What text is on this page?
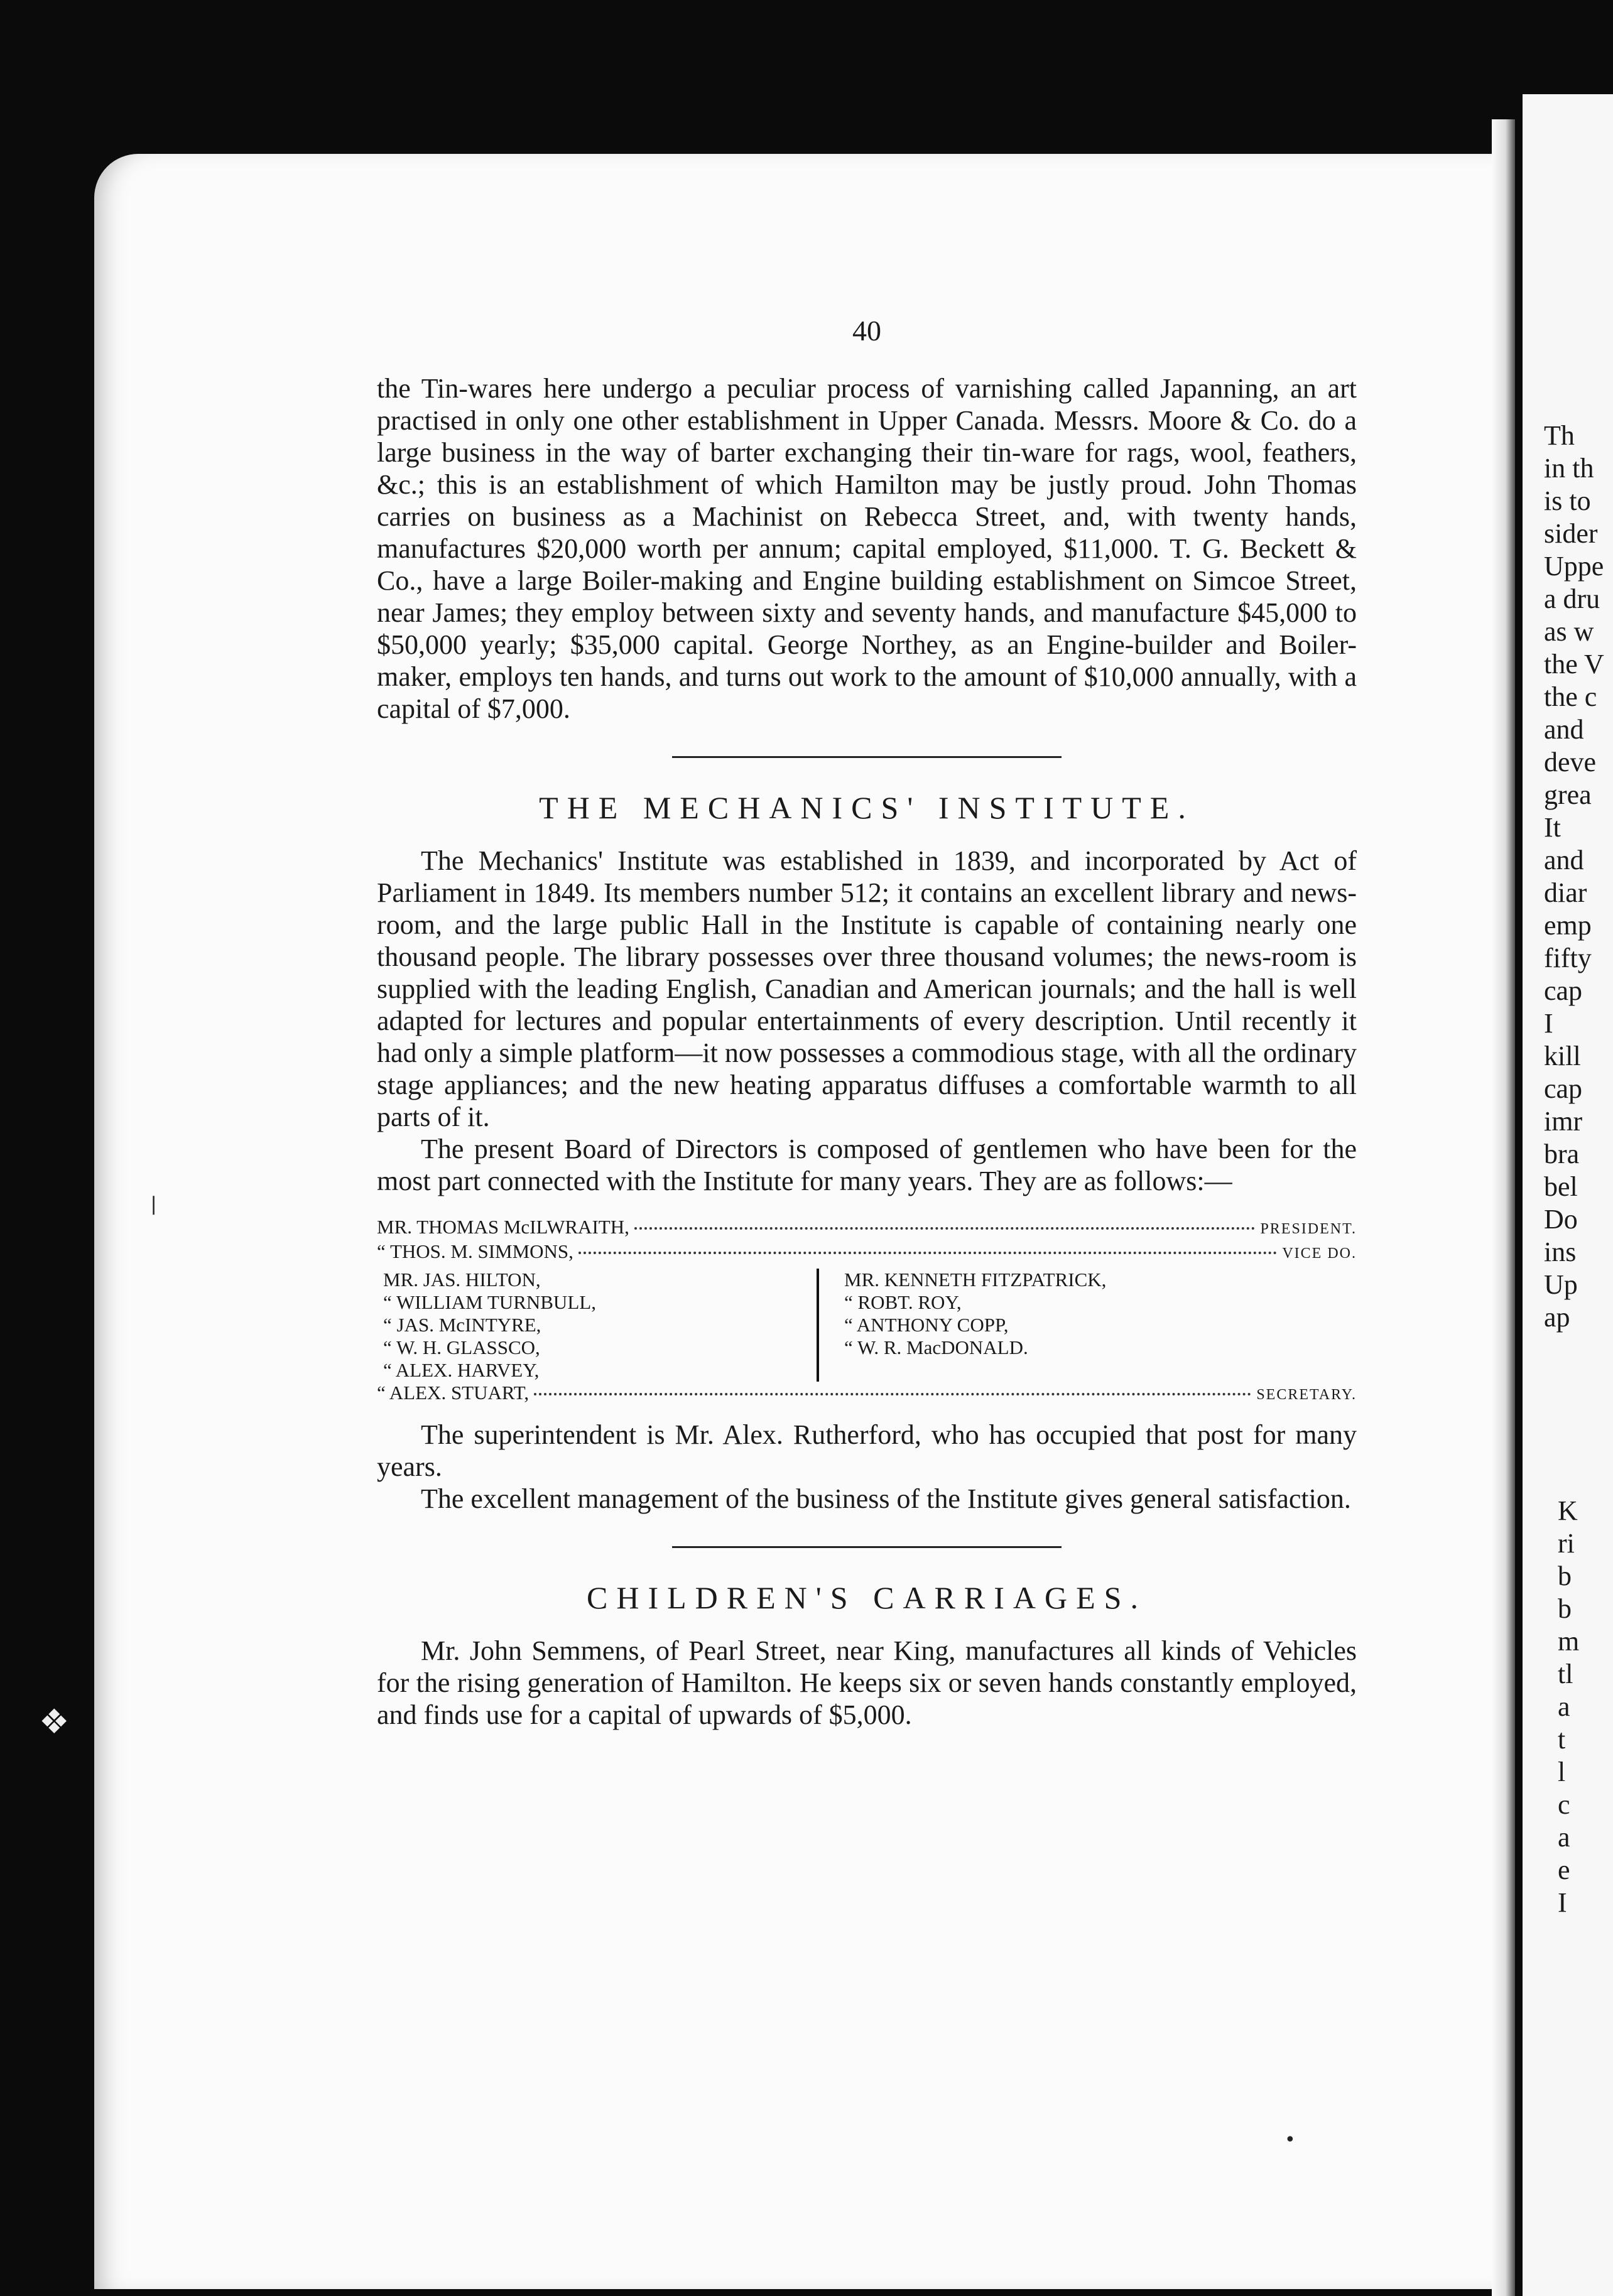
40

the Tin-wares here undergo a peculiar process of varnishing called Japanning, an art practised in only one other establishment in Upper Canada. Messrs. Moore & Co. do a large business in the way of barter exchanging their tin-ware for rags, wool, feathers, &c.; this is an establishment of which Hamilton may be justly proud. John Thomas carries on business as a Machinist on Rebecca Street, and, with twenty hands, manufactures $20,000 worth per annum; capital employed, $11,000. T. G. Beckett & Co., have a large Boiler-making and Engine building establishment on Simcoe Street, near James; they employ between sixty and seventy hands, and manufacture $45,000 to $50,000 yearly; $35,000 capital. George Northey, as an Engine-builder and Boiler-maker, employs ten hands, and turns out work to the amount of $10,000 annually, with a capital of $7,000.

THE MECHANICS' INSTITUTE.

The Mechanics' Institute was established in 1839, and incorporated by Act of Parliament in 1849. Its members number 512; it contains an excellent library and news-room, and the large public Hall in the Institute is capable of containing nearly one thousand people. The library possesses over three thousand volumes; the news-room is supplied with the leading English, Canadian and American journals; and the hall is well adapted for lectures and popular entertainments of every description. Until recently it had only a simple platform—it now possesses a commodious stage, with all the ordinary stage appliances; and the new heating apparatus diffuses a comfortable warmth to all parts of it.

The present Board of Directors is composed of gentlemen who have been for the most part connected with the Institute for many years. They are as follows:—

MR. THOMAS McILWRAITH,	PRESIDENT.
“ THOS. M. SIMMONS,	VICE DO.
MR. JAS. HILTON,
“ WILLIAM TURNBULL,
“ JAS. McINTYRE,
“ W. H. GLASSCO,
“ ALEX. HARVEY,
MR. KENNETH FITZPATRICK,
“ ROBT. ROY,
“ ANTHONY COPP,
“ W. R. MacDONALD.
“ ALEX. STUART,	SECRETARY.

The superintendent is Mr. Alex. Rutherford, who has occupied that post for many years.

The excellent management of the business of the Institute gives general satisfaction.

CHILDREN'S CARRIAGES.

Mr. John Semmens, of Pearl Street, near King, manufactures all kinds of Vehicles for the rising generation of Hamilton. He keeps six or seven hands constantly employed, and finds use for a capital of upwards of $5,000.

Th
in th
is to
sider
Uppe
a dru
as w
the V
the c
and
deve
grea
It
and
diar
emp
fifty
cap
I
kill
cap
imr
bra
bel
Do
ins
Up
ap
K
ri
b
b
m
tl
a
t
l
c
a
e
I
❘
❖
•
